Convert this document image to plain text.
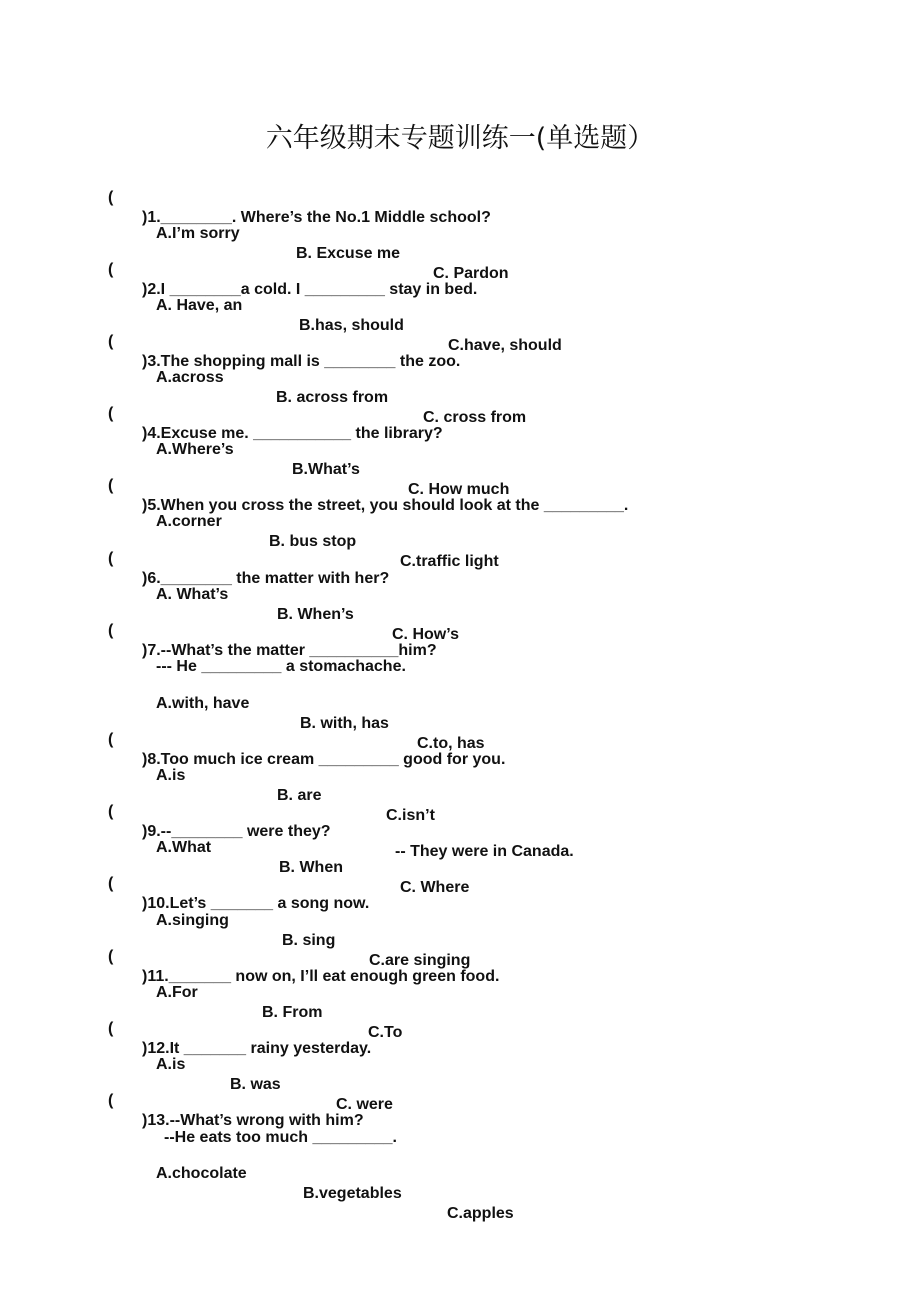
六年级期末专题训练一(单选题）

(

)1.________. Where’s the No.1 Middle school?

A.I’m sorry

B. Excuse me

C. Pardon

(

)2.I ________a cold. I _________ stay in bed.

A. Have, an

B.has, should

C.have, should

(

)3.The shopping mall is ________ the zoo.

A.across

B. across from

C. cross from

(

)4.Excuse me. ___________ the library?

A.Where’s

B.What’s

C. How much

(

)5.When you cross the street, you should look at the _________.

A.corner

B. bus stop

C.traffic light

(

)6.________ the matter with her?

A. What’s

B. When’s

C. How’s

(

)7.--What’s the matter __________him?

--- He _________ a stomachache.

A.with, have

B. with, has

C.to, has

(

)8.Too much ice cream _________ good for you.

A.is

B. are

C.isn’t

(

)9.--________ were they?

-- They were in Canada.

A.What

B. When

C. Where

(

)10.Let’s _______ a song now.

A.singing

B. sing

C.are singing

(

)11._______ now on, I’ll eat enough green food.

A.For

B. From

C.To

(

)12.It _______ rainy yesterday.

A.is

B. was

C. were

(

)13.--What’s wrong with him?

--He eats too much _________.

A.chocolate

B.vegetables

C.apples
